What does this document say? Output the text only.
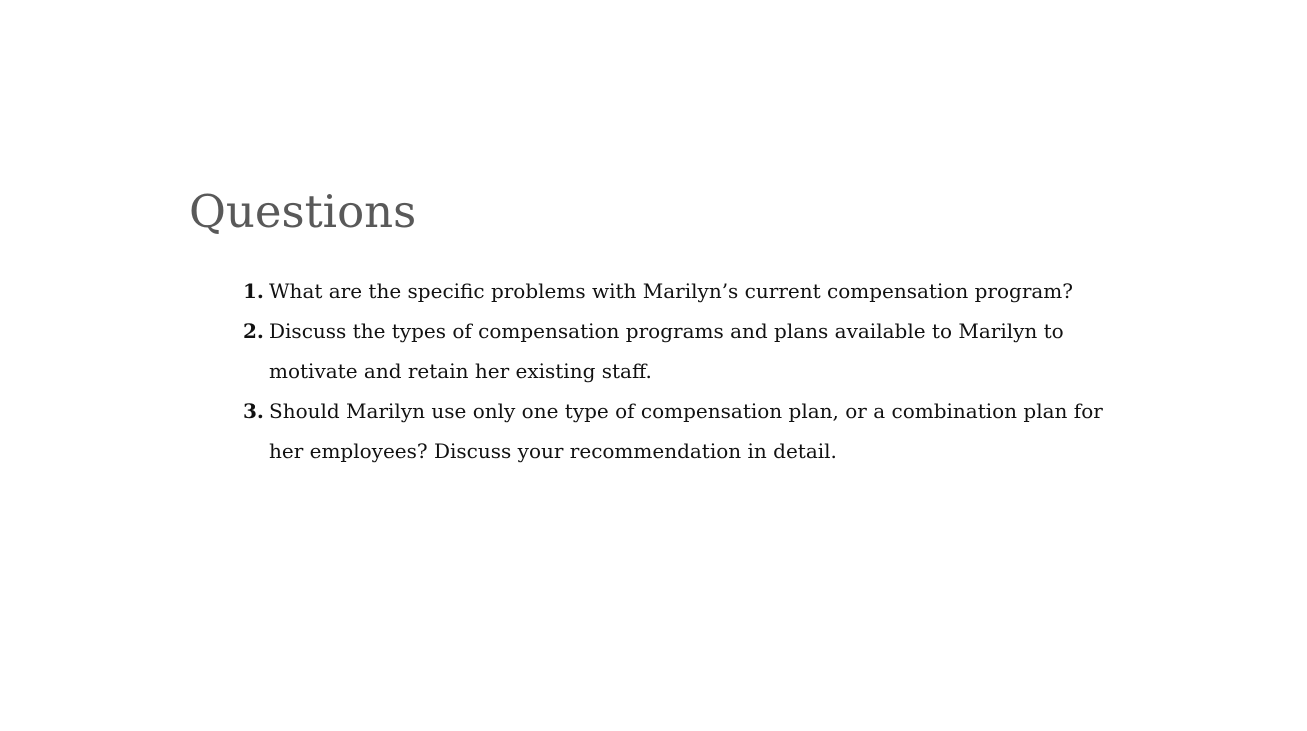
Questions
1. What are the specific problems with Marilyn’s current compensation program?
2. Discuss the types of compensation programs and plans available to Marilyn to motivate and retain her existing staff.
3. Should Marilyn use only one type of compensation plan, or a combination plan for her employees? Discuss your recommendation in detail.
